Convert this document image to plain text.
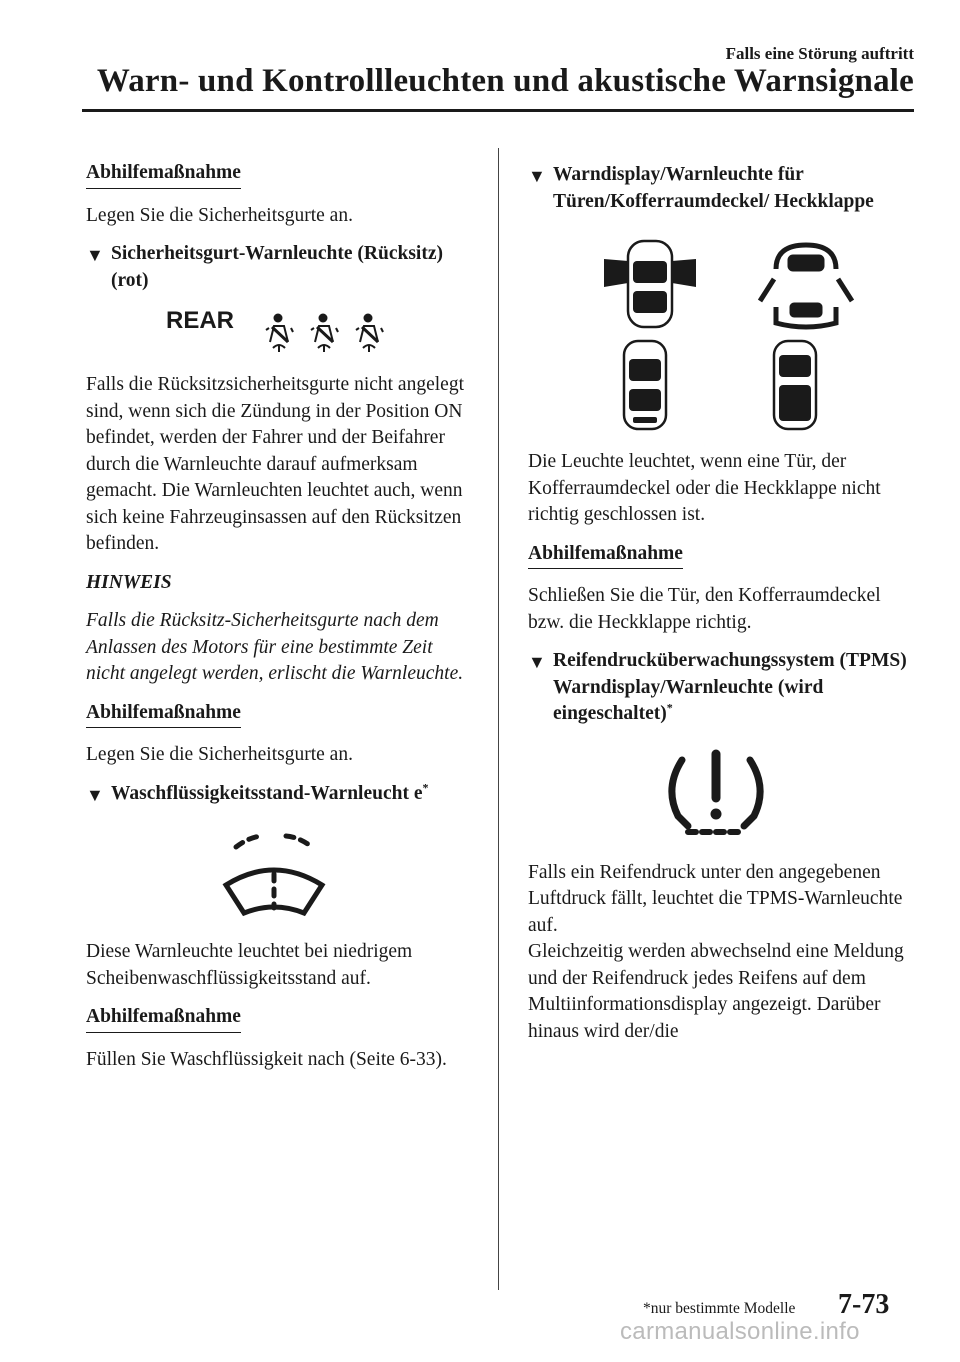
Falls eine Störung auftritt
Warn- und Kontrollleuchten und akustische Warnsignale
Abhilfemaßnahme

Legen Sie die Sicherheitsgurte an.

▼ Sicherheitsgurt-Warnleuchte (Rücksitz) (rot)
REAR

Falls die Rücksitzsicherheitsgurte nicht angelegt sind, wenn sich die Zündung in der Position ON befindet, werden der Fahrer und der Beifahrer durch die Warnleuchte darauf aufmerksam gemacht. Die Warnleuchten leuchtet auch, wenn sich keine Fahrzeuginsassen auf den Rücksitzen befinden.

HINWEIS

Falls die Rücksitz-Sicherheitsgurte nach dem Anlassen des Motors für eine bestimmte Zeit nicht angelegt werden, erlischt die Warnleuchte.

Abhilfemaßnahme

Legen Sie die Sicherheitsgurte an.

▼ Waschflüssigkeitsstand-Warnleucht e*

Diese Warnleuchte leuchtet bei niedrigem Scheibenwaschflüssigkeitsstand auf.

Abhilfemaßnahme

Füllen Sie Waschflüssigkeit nach (Seite 6-33).

▼ Warndisplay/Warnleuchte für Türen/Kofferraumdeckel/ Heckklappe

Die Leuchte leuchtet, wenn eine Tür, der Kofferraumdeckel oder die Heckklappe nicht richtig geschlossen ist.

Abhilfemaßnahme

Schließen Sie die Tür, den Kofferraumdeckel bzw. die Heckklappe richtig.

▼ Reifendrucküberwachungssystem (TPMS) Warndisplay/Warnleuchte (wird eingeschaltet)*

Falls ein Reifendruck unter den angegebenen Luftdruck fällt, leuchtet die TPMS-Warnleuchte auf.

Gleichzeitig werden abwechselnd eine Meldung und der Reifendruck jedes Reifens auf dem Multiinformationsdisplay angezeigt. Darüber hinaus wird der/die

*nur bestimmte Modelle 7-73
carmanualsonline.info
